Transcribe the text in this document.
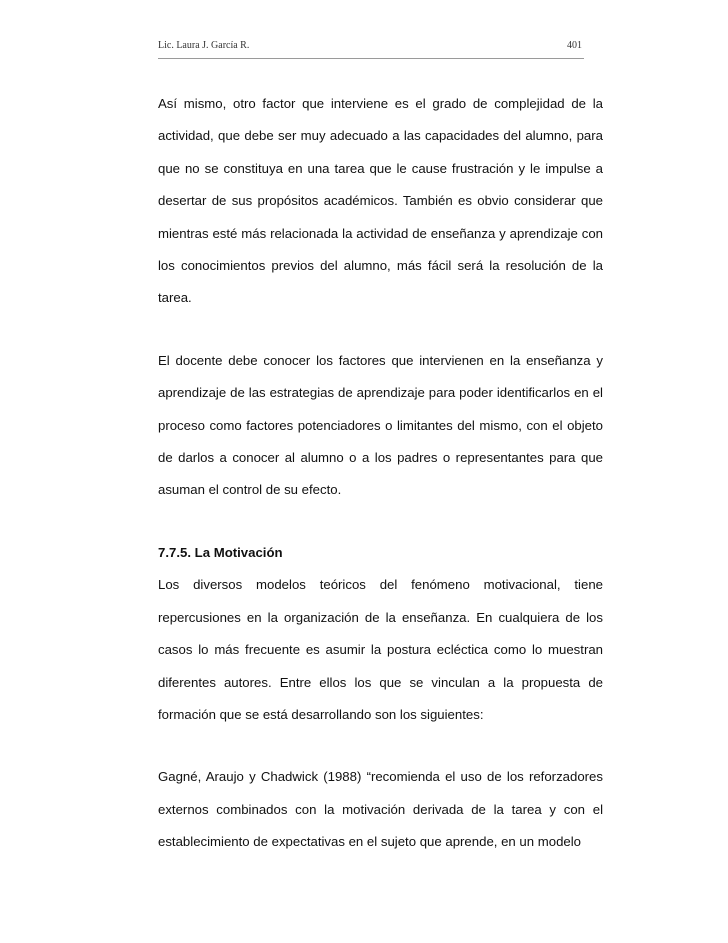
Lic. Laura J. García R.	401

Así mismo, otro factor que interviene es el grado de complejidad de la actividad, que debe ser muy adecuado a las capacidades del alumno, para que no se constituya en una tarea que le cause frustración y le impulse a desertar de sus propósitos académicos. También es obvio considerar que mientras esté más relacionada la actividad de enseñanza y aprendizaje con los conocimientos previos del alumno, más fácil será la resolución de la tarea.

El docente debe conocer los factores que intervienen en la enseñanza y aprendizaje de las estrategias de aprendizaje para poder identificarlos en el proceso como factores potenciadores o limitantes del mismo, con el objeto de darlos a conocer al alumno o a los padres o representantes para que asuman el control de su efecto.

7.7.5. La Motivación

Los diversos modelos teóricos del fenómeno motivacional, tiene repercusiones en la organización de la enseñanza. En cualquiera de los casos lo más frecuente es asumir la postura ecléctica como lo muestran diferentes autores. Entre ellos los que se vinculan a la propuesta de formación que se está desarrollando son los siguientes:

Gagné, Araujo y Chadwick (1988) “recomienda el uso de los reforzadores externos combinados con la motivación derivada de la tarea y con el establecimiento de expectativas en el sujeto que aprende, en un modelo
